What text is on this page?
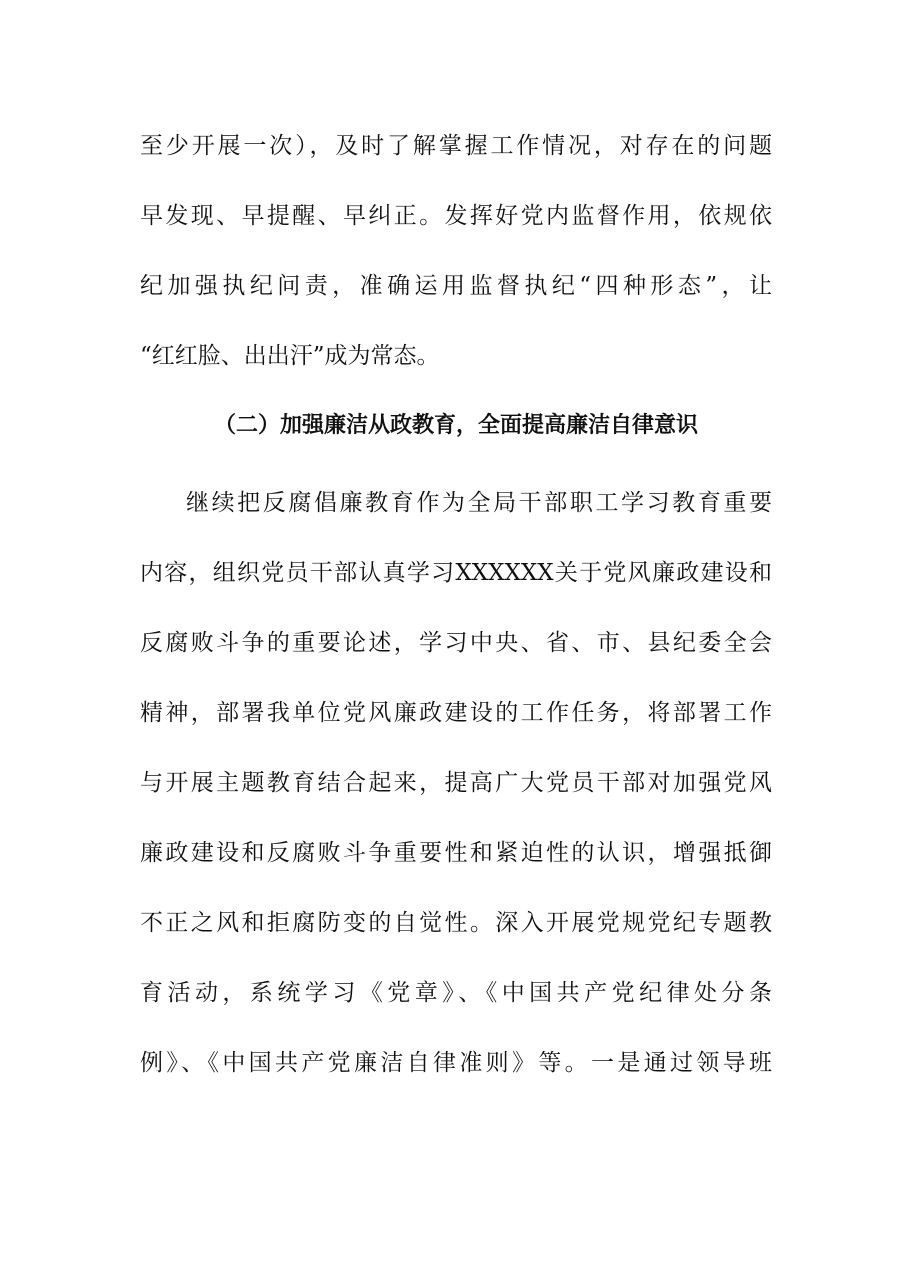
至少开展一次），及时了解掌握工作情况，对存在的问题
早发现、早提醒、早纠正。发挥好党内监督作用，依规依
纪加强执纪问责，准确运用监督执纪“四种形态”，让
“红红脸、出出汗”成为常态。
（二）加强廉洁从政教育，全面提高廉洁自律意识
继续把反腐倡廉教育作为全局干部职工学习教育重要
内容，组织党员干部认真学习XXXXXX关于党风廉政建设和
反腐败斗争的重要论述，学习中央、省、市、县纪委全会
精神，部署我单位党风廉政建设的工作任务，将部署工作
与开展主题教育结合起来，提高广大党员干部对加强党风
廉政建设和反腐败斗争重要性和紧迫性的认识，增强抵御
不正之风和拒腐防变的自觉性。深入开展党规党纪专题教
育活动，系统学习《党章》、《中国共产党纪律处分条
例》、《中国共产党廉洁自律准则》等。一是通过领导班
